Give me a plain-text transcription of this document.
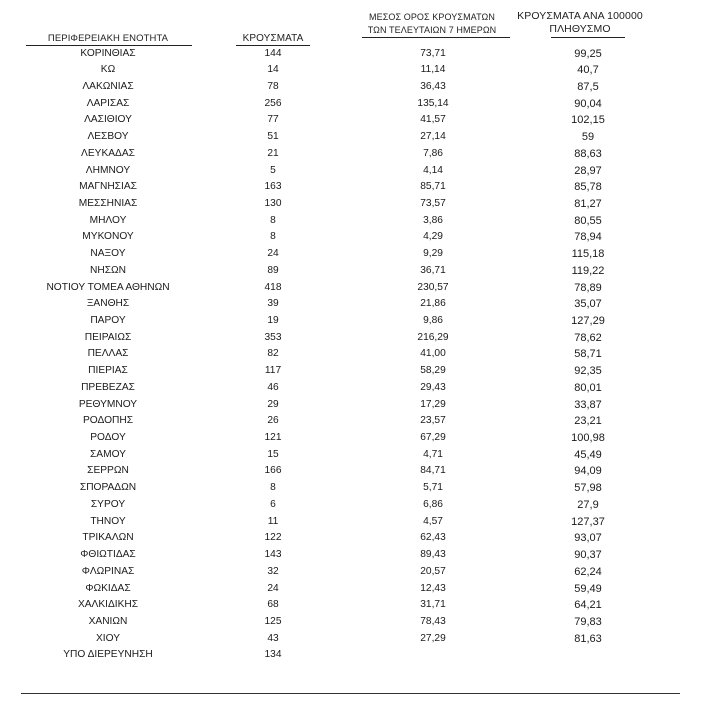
ΠΕΡΙΦΕΡΕΙΑΚΗ ΕΝΟΤΗΤΑ	ΚΡΟΥΣΜΑΤΑ
ΜΕΣΟΣ ΟΡΟΣ ΚΡΟΥΣΜΑΤΩΝ
ΤΩΝ ΤΕΛΕΥΤΑΙΩΝ 7 ΗΜΕΡΩΝ
ΚΡΟΥΣΜΑΤΑ ΑΝΑ 100000
ΠΛΗΘΥΣΜΟ
ΚΟΡΙΝΘΙΑΣ	144	73,71	99,25
ΚΩ	14	11,14	40,7
ΛΑΚΩΝΙΑΣ	78	36,43	87,5
ΛΑΡΙΣΑΣ	256	135,14	90,04
ΛΑΣΙΘΙΟΥ	77	41,57	102,15
ΛΕΣΒΟΥ	51	27,14	59
ΛΕΥΚΑΔΑΣ	21	7,86	88,63
ΛΗΜΝΟΥ	5	4,14	28,97
ΜΑΓΝΗΣΙΑΣ	163	85,71	85,78
ΜΕΣΣΗΝΙΑΣ	130	73,57	81,27
ΜΗΛΟΥ	8	3,86	80,55
ΜΥΚΟΝΟΥ	8	4,29	78,94
ΝΑΞΟΥ	24	9,29	115,18
ΝΗΣΩΝ	89	36,71	119,22
ΝΟΤΙΟΥ ΤΟΜΕΑ ΑΘΗΝΩΝ	418	230,57	78,89
ΞΑΝΘΗΣ	39	21,86	35,07
ΠΑΡΟΥ	19	9,86	127,29
ΠΕΙΡΑΙΩΣ	353	216,29	78,62
ΠΕΛΛΑΣ	82	41,00	58,71
ΠΙΕΡΙΑΣ	117	58,29	92,35
ΠΡΕΒΕΖΑΣ	46	29,43	80,01
ΡΕΘΥΜΝΟΥ	29	17,29	33,87
ΡΟΔΟΠΗΣ	26	23,57	23,21
ΡΟΔΟΥ	121	67,29	100,98
ΣΑΜΟΥ	15	4,71	45,49
ΣΕΡΡΩΝ	166	84,71	94,09
ΣΠΟΡΑΔΩΝ	8	5,71	57,98
ΣΥΡΟΥ	6	6,86	27,9
ΤΗΝΟΥ	11	4,57	127,37
ΤΡΙΚΑΛΩΝ	122	62,43	93,07
ΦΘΙΩΤΙΔΑΣ	143	89,43	90,37
ΦΛΩΡΙΝΑΣ	32	20,57	62,24
ΦΩΚΙΔΑΣ	24	12,43	59,49
ΧΑΛΚΙΔΙΚΗΣ	68	31,71	64,21
ΧΑΝΙΩΝ	125	78,43	79,83
ΧΙΟΥ	43	27,29	81,63
ΥΠΟ ΔΙΕΡΕΥΝΗΣΗ	134
